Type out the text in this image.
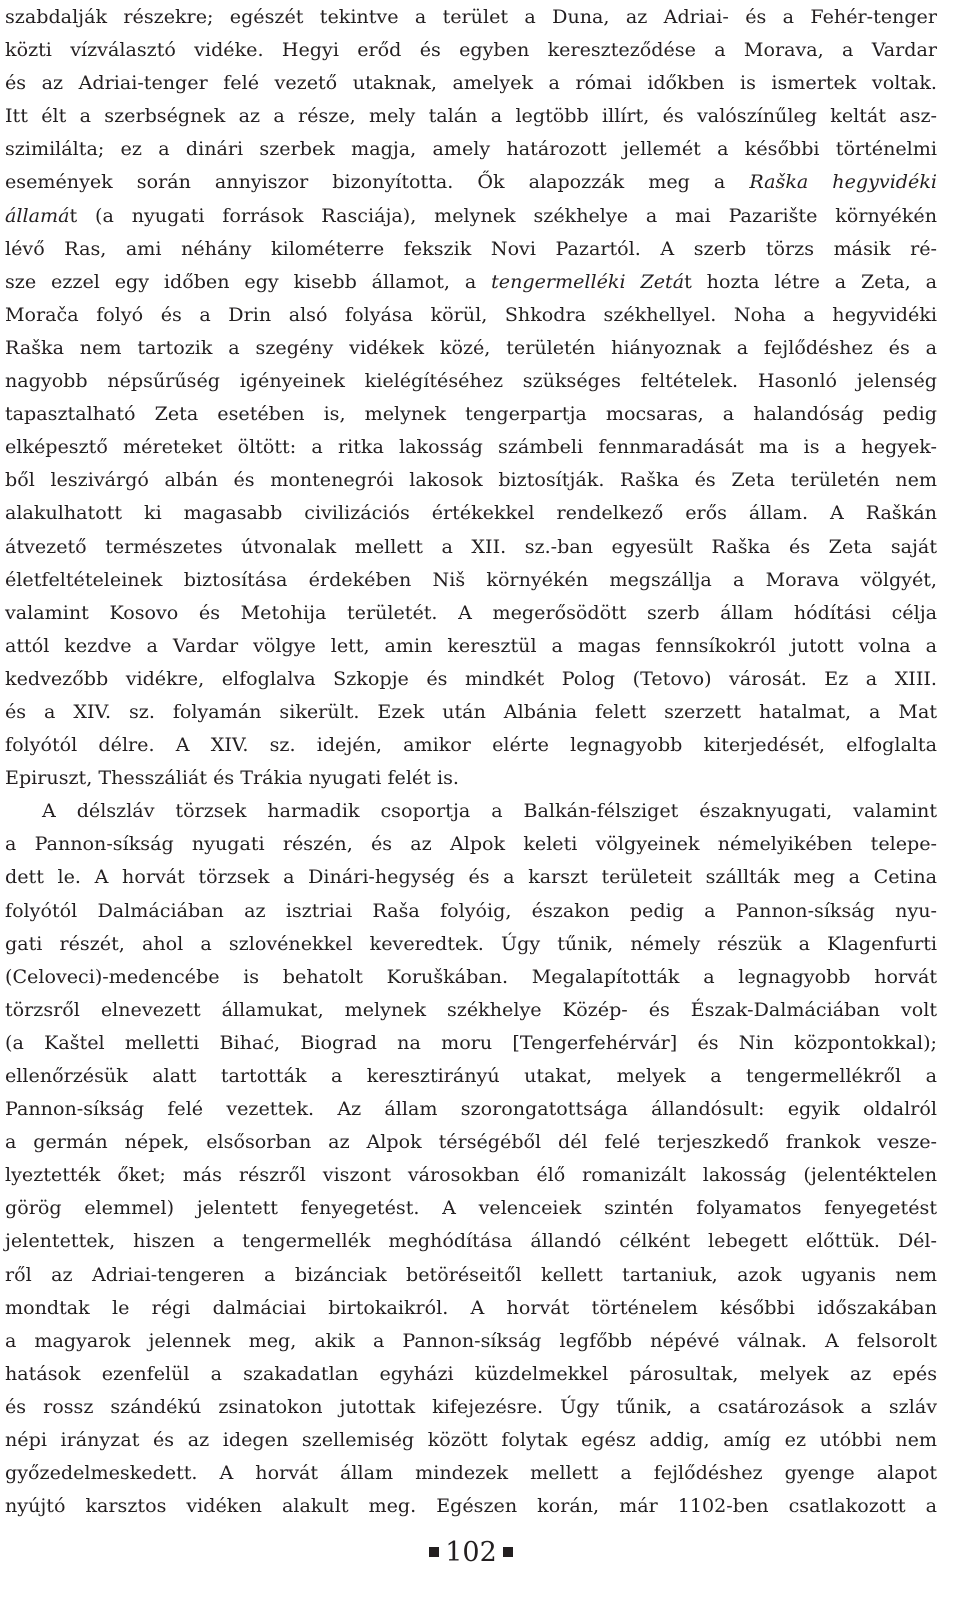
szabdalják részekre; egészét tekintve a terület a Duna, az Adriai- és a Fehér-tenger
közti vízválasztó vidéke. Hegyi erőd és egyben kereszteződése a Morava, a Vardar
és az Adriai-tenger felé vezető utaknak, amelyek a római időkben is ismertek voltak.
Itt élt a szerbségnek az a része, mely talán a legtöbb illírt, és valószínűleg keltát asz-
szimilálta; ez a dinári szerbek magja, amely határozott jellemét a későbbi történelmi
események során annyiszor bizonyította. Ők alapozzák meg a Raška hegyvidéki
államát (a nyugati források Rasciája), melynek székhelye a mai Pazarište környékén
lévő Ras, ami néhány kilométerre fekszik Novi Pazartól. A szerb törzs másik ré-
sze ezzel egy időben egy kisebb államot, a tengermelléki Zetát hozta létre a Zeta, a
Morača folyó és a Drin alsó folyása körül, Shkodra székhellyel. Noha a hegyvidéki
Raška nem tartozik a szegény vidékek közé, területén hiányoznak a fejlődéshez és a
nagyobb népsűrűség igényeinek kielégítéséhez szükséges feltételek. Hasonló jelenség
tapasztalható Zeta esetében is, melynek tengerpartja mocsaras, a halandóság pedig
elképesztő méreteket öltött: a ritka lakosság számbeli fennmaradását ma is a hegyek-
ből leszivárgó albán és montenegrói lakosok biztosítják. Raška és Zeta területén nem
alakulhatott ki magasabb civilizációs értékekkel rendelkező erős állam. A Raškán
átvezető természetes útvonalak mellett a XII. sz.-ban egyesült Raška és Zeta saját
életfeltételeinek biztosítása érdekében Niš környékén megszállja a Morava völgyét,
valamint Kosovo és Metohija területét. A megerősödött szerb állam hódítási célja
attól kezdve a Vardar völgye lett, amin keresztül a magas fennsíkokról jutott volna a
kedvezőbb vidékre, elfoglalva Szkopje és mindkét Polog (Tetovo) városát. Ez a XIII.
és a XIV. sz. folyamán sikerült. Ezek után Albánia felett szerzett hatalmat, a Mat
folyótól délre. A XIV. sz. idején, amikor elérte legnagyobb kiterjedését, elfoglalta
Epiruszt, Thesszáliát és Trákia nyugati felét is.
A délszláv törzsek harmadik csoportja a Balkán-félsziget északnyugati, valamint
a Pannon-síkság nyugati részén, és az Alpok keleti völgyeinek némelyikében telepe-
dett le. A horvát törzsek a Dinári-hegység és a karszt területeit szállták meg a Cetina
folyótól Dalmáciában az isztriai Raša folyóig, északon pedig a Pannon-síkság nyu-
gati részét, ahol a szlovénekkel keveredtek. Úgy tűnik, némely részük a Klagenfurti
(Celoveci)-medencébe is behatolt Koruškában. Megalapították a legnagyobb horvát
törzsről elnevezett államukat, melynek székhelye Közép- és Észak-Dalmáciában volt
(a Kaštel melletti Bihać, Biograd na moru [Tengerfehérvár] és Nin központokkal);
ellenőrzésük alatt tartották a keresztirányú utakat, melyek a tengermellékről a
Pannon-síkság felé vezettek. Az állam szorongatottsága állandósult: egyik oldalról
a germán népek, elsősorban az Alpok térségéből dél felé terjeszkedő frankok vesze-
lyeztették őket; más részről viszont városokban élő romanizált lakosság (jelentéktelen
görög elemmel) jelentett fenyegetést. A velenceiek szintén folyamatos fenyegetést
jelentettek, hiszen a tengermellék meghódítása állandó célként lebegett előttük. Dél-
ről az Adriai-tengeren a bizánciak betöréseitől kellett tartaniuk, azok ugyanis nem
mondtak le régi dalmáciai birtokaikról. A horvát történelem későbbi időszakában
a magyarok jelennek meg, akik a Pannon-síkság legfőbb népévé válnak. A felsorolt
hatások ezenfelül a szakadatlan egyházi küzdelmekkel párosultak, melyek az epés
és rossz szándékú zsinatokon jutottak kifejezésre. Úgy tűnik, a csatározások a szláv
népi irányzat és az idegen szellemiség között folytak egész addig, amíg ez utóbbi nem
győzedelmeskedett. A horvát állam mindezek mellett a fejlődéshez gyenge alapot
nyújtó karsztos vidéken alakult meg. Egészen korán, már 1102-ben csatlakozott a
102
